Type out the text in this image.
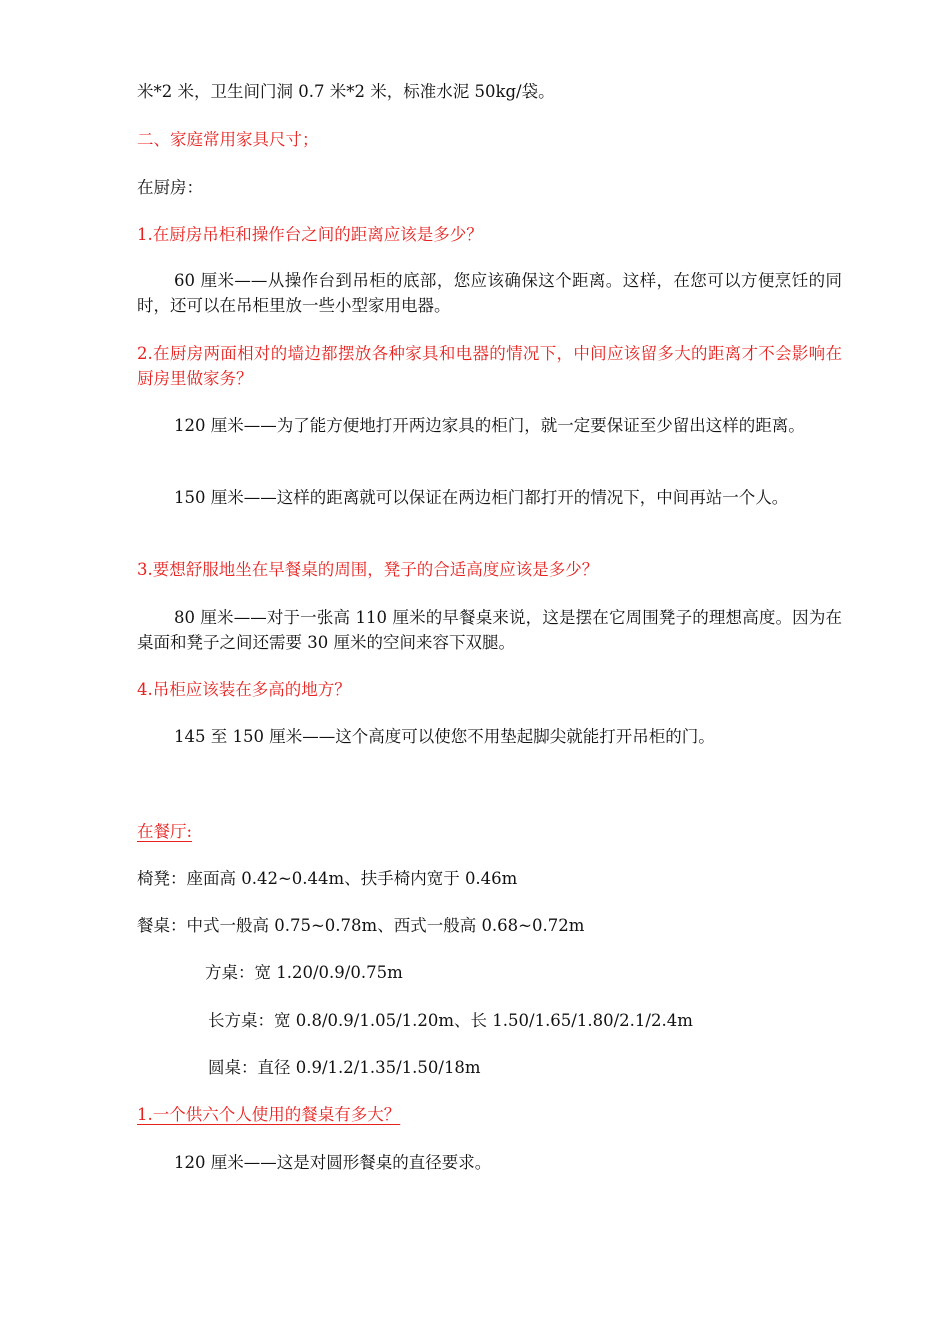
米*2 米，卫生间门洞 0.7 米*2 米，标准水泥 50kg/袋。
二、家庭常用家具尺寸；
在厨房：
1.在厨房吊柜和操作台之间的距离应该是多少？
60 厘米——从操作台到吊柜的底部，您应该确保这个距离。这样，在您可以方便烹饪的同时，还可以在吊柜里放一些小型家用电器。
2.在厨房两面相对的墙边都摆放各种家具和电器的情况下，中间应该留多大的距离才不会影响在厨房里做家务？
120 厘米——为了能方便地打开两边家具的柜门，就一定要保证至少留出这样的距离。
150 厘米——这样的距离就可以保证在两边柜门都打开的情况下，中间再站一个人。
3.要想舒服地坐在早餐桌的周围，凳子的合适高度应该是多少？
80 厘米——对于一张高 110 厘米的早餐桌来说，这是摆在它周围凳子的理想高度。因为在桌面和凳子之间还需要 30 厘米的空间来容下双腿。
4.吊柜应该装在多高的地方？
145 至 150 厘米——这个高度可以使您不用垫起脚尖就能打开吊柜的门。
在餐厅:
椅凳：座面高 0.42~0.44m、扶手椅内宽于 0.46m
餐桌：中式一般高 0.75~0.78m、西式一般高 0.68~0.72m
方桌：宽 1.20/0.9/0.75m
长方桌：宽 0.8/0.9/1.05/1.20m、长 1.50/1.65/1.80/2.1/2.4m
圆桌：直径 0.9/1.2/1.35/1.50/18m
1.一个供六个人使用的餐桌有多大？
120 厘米——这是对圆形餐桌的直径要求。
